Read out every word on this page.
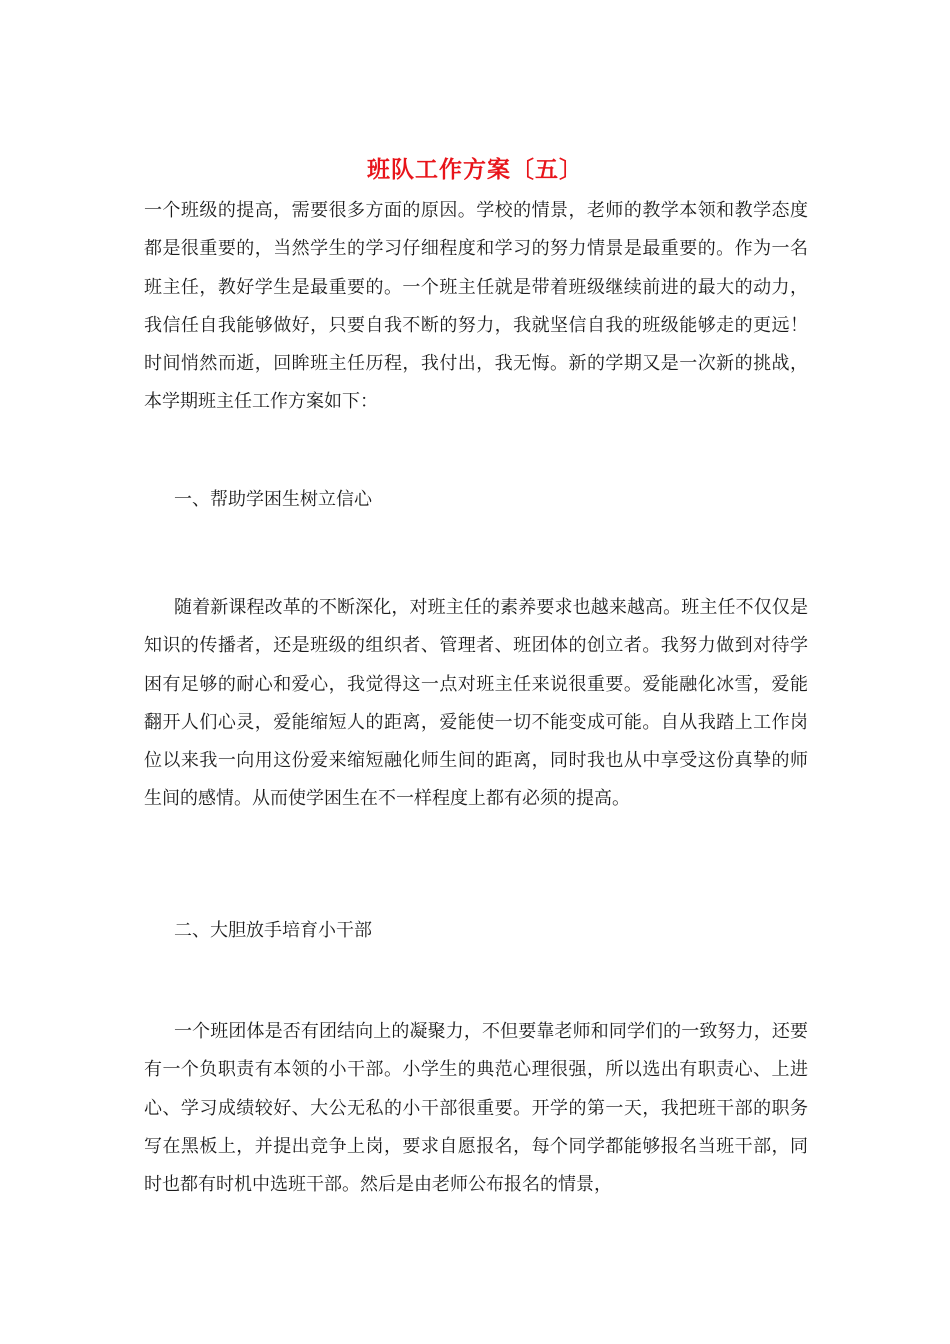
班队工作方案〔五〕

一个班级的提高，需要很多方面的原因。学校的情景，老师的教学本领和教学态度都是很重要的，当然学生的学习仔细程度和学习的努力情景是最重要的。作为一名班主任，教好学生是最重要的。一个班主任就是带着班级继续前进的最大的动力，我信任自我能够做好，只要自我不断的努力，我就坚信自我的班级能够走的更远！时间悄然而逝，回眸班主任历程，我付出，我无悔。新的学期又是一次新的挑战，本学期班主任工作方案如下：

一、帮助学困生树立信心

随着新课程改革的不断深化，对班主任的素养要求也越来越高。班主任不仅仅是知识的传播者，还是班级的组织者、管理者、班团体的创立者。我努力做到对待学困有足够的耐心和爱心，我觉得这一点对班主任来说很重要。爱能融化冰雪，爱能翻开人们心灵，爱能缩短人的距离，爱能使一切不能变成可能。自从我踏上工作岗位以来我一向用这份爱来缩短融化师生间的距离，同时我也从中享受这份真挚的师生间的感情。从而使学困生在不一样程度上都有必须的提高。

二、大胆放手培育小干部

一个班团体是否有团结向上的凝聚力，不但要靠老师和同学们的一致努力，还要有一个负职责有本领的小干部。小学生的典范心理很强，所以选出有职责心、上进心、学习成绩较好、大公无私的小干部很重要。开学的第一天，我把班干部的职务写在黑板上，并提出竞争上岗，要求自愿报名，每个同学都能够报名当班干部，同时也都有时机中选班干部。然后是由老师公布报名的情景，
